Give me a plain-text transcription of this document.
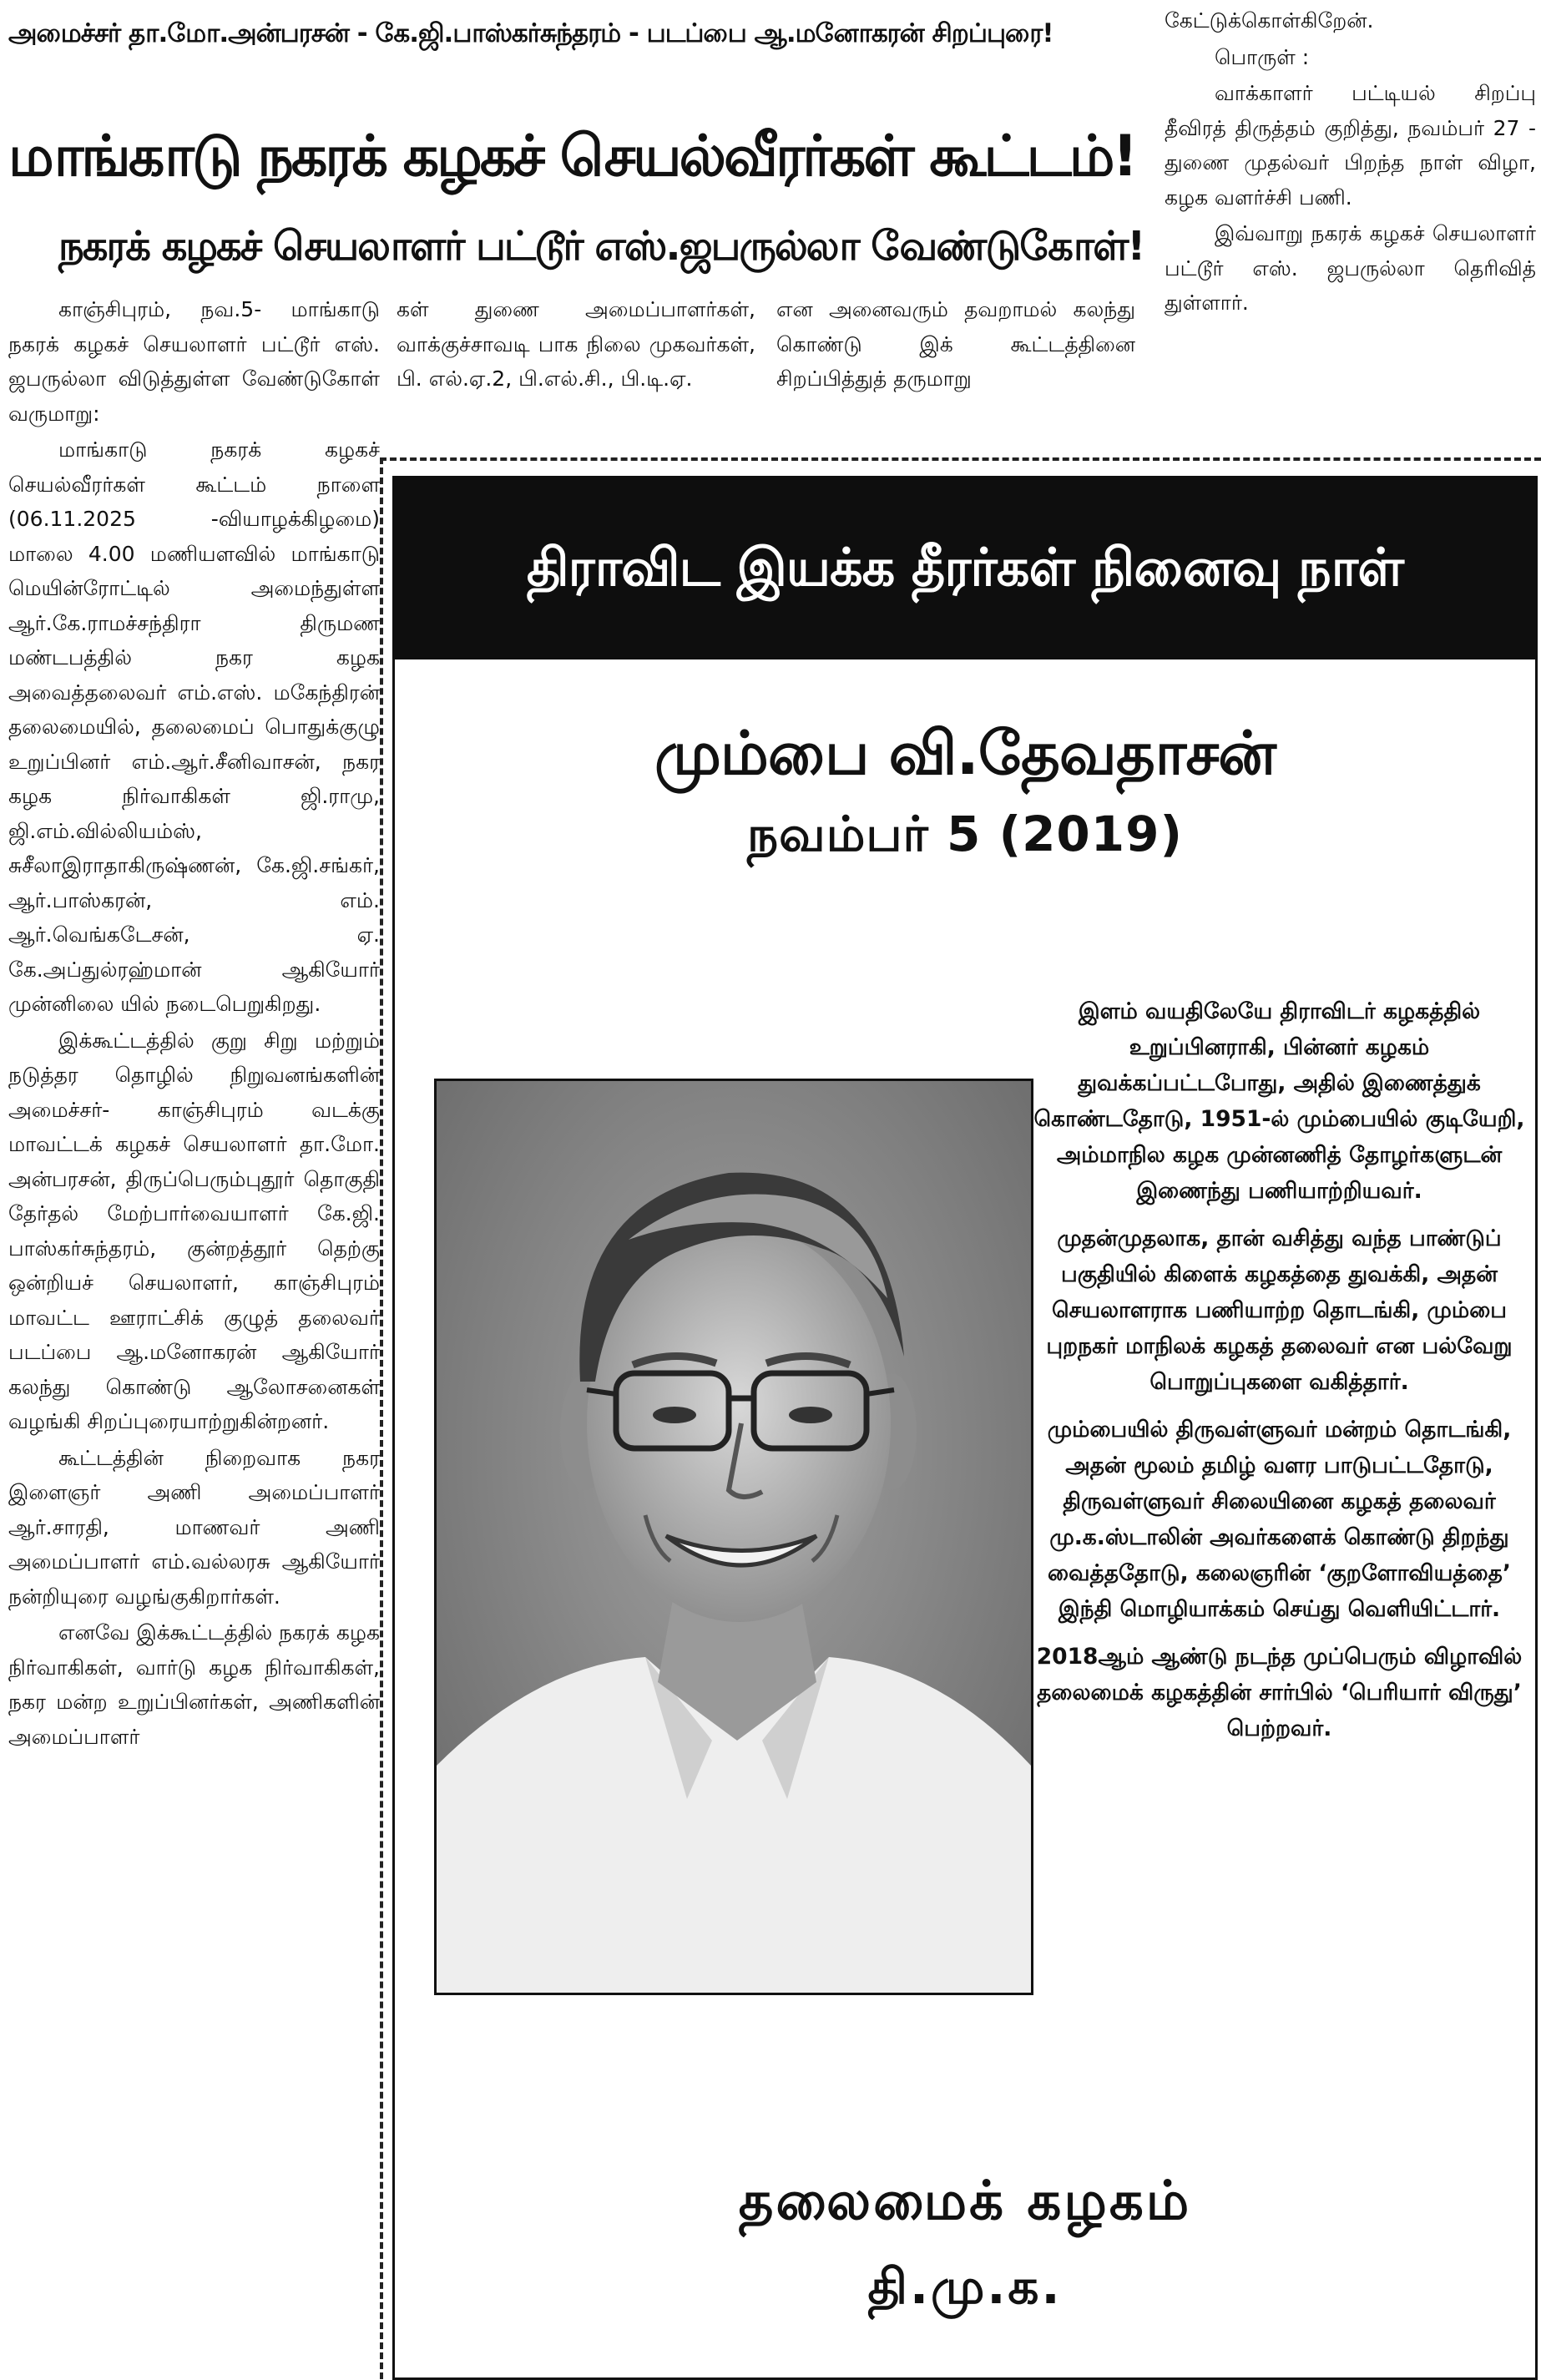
அமைச்சர் தா.மோ.அன்பரசன் - கே.ஜி.பாஸ்கர்சுந்தரம் - படப்பை ஆ.மனோகரன் சிறப்புரை!
மாங்காடு நகரக் கழகச் செயல்வீரர்கள் கூட்டம்!
நகரக் கழகச் செயலாளர் பட்டூர் எஸ்.ஜபருல்லா வேண்டுகோள்!

காஞ்சிபுரம், நவ.5- மாங்காடு நகரக் கழகச் செயலாளர் பட்டூர் எஸ். ஜபருல்லா விடுத்துள்ள வேண்டுகோள் வருமாறு:

மாங்காடு நகரக் கழகச் செயல்வீரர்கள் கூட்டம் நாளை (06.11.2025 -வியாழக்கிழமை) மாலை 4.00 மணியளவில் மாங்காடு மெயின்ரோட்டில் அமைந்துள்ள ஆர்.கே.ராமச்சந்திரா திருமண மண்டபத்தில் நகர கழக அவைத்தலைவர் எம்.எஸ். மகேந்திரன் தலைமையில், தலைமைப் பொதுக்குழு உறுப்பினர் எம்.ஆர்.சீனிவாசன், நகர கழக நிர்வாகிகள் ஜி.ராமு, ஜி.எம்.வில்லியம்ஸ், சுசீலாஇராதாகிருஷ்ணன், கே.ஜி.சங்கர், ஆர்.பாஸ்கரன், எம். ஆர்.வெங்கடேசன், ஏ. கே.அப்துல்ரஹ்மான் ஆகியோர் முன்னிலை யில் நடைபெறுகிறது.

இக்கூட்டத்தில் குறு சிறு மற்றும் நடுத்தர தொழில் நிறுவனங்களின் அமைச்சர்- காஞ்சிபுரம் வடக்கு மாவட்டக் கழகச் செயலாளர் தா.மோ. அன்பரசன், திருப்பெரும்புதூர் தொகுதி தேர்தல் மேற்பார்வையாளர் கே.ஜி. பாஸ்கர்சுந்தரம், குன்றத்தூர் தெற்கு ஒன்றியச் செயலாளர், காஞ்சிபுரம் மாவட்ட ஊராட்சிக் குழுத் தலைவர் படப்பை ஆ.மனோகரன் ஆகியோர் கலந்து கொண்டு ஆலோசனைகள் வழங்கி சிறப்புரையாற்றுகின்றனர்.

கூட்டத்தின் நிறைவாக நகர இளைஞர் அணி அமைப்பாளர் ஆர்.சாரதி, மாணவர் அணி அமைப்பாளர் எம்.வல்லரசு ஆகியோர் நன்றியுரை வழங்குகிறார்கள்.

எனவே இக்கூட்டத்தில் நகரக் கழக நிர்வாகிகள், வார்டு கழக நிர்வாகிகள், நகர மன்ற உறுப்பினர்கள், அணிகளின் அமைப்பாளர்

கள் துணை அமைப்பாளர்கள், வாக்குச்சாவடி பாக நிலை முகவர்கள், பி. எல்.ஏ.2, பி.எல்.சி., பி.டி.ஏ.

என அனைவரும் தவறாமல் கலந்து கொண்டு இக் கூட்டத்தினை சிறப்பித்துத் தருமாறு

கேட்டுக்கொள்கிறேன்.

பொருள் :

வாக்காளர் பட்டியல் சிறப்பு தீவிரத் திருத்தம் குறித்து, நவம்பர் 27 - துணை முதல்வர் பிறந்த நாள் விழா, கழக வளர்ச்சி பணி.

இவ்வாறு நகரக் கழகச் செயலாளர் பட்டூர் எஸ். ஜபருல்லா தெரிவித் துள்ளார்.

திராவிட இயக்க தீரர்கள் நினைவு நாள்
மும்பை வி.தேவதாசன்
நவம்பர் 5 (2019)

இளம் வயதிலேயே திராவிடர் கழகத்தில் உறுப்பினராகி, பின்னர் கழகம் துவக்கப்பட்டபோது, அதில் இணைத்துக் கொண்டதோடு, 1951-ல் மும்பையில் குடியேறி, அம்மாநில கழக முன்னணித் தோழர்களுடன் இணைந்து பணியாற்றியவர்.

முதன்முதலாக, தான் வசித்து வந்த பாண்டுப் பகுதியில் கிளைக் கழகத்தை துவக்கி, அதன் செயலாளராக பணியாற்ற தொடங்கி, மும்பை புறநகர் மாநிலக் கழகத் தலைவர் என பல்வேறு பொறுப்புகளை வகித்தார்.

மும்பையில் திருவள்ளுவர் மன்றம் தொடங்கி, அதன் மூலம் தமிழ் வளர பாடுபட்டதோடு, திருவள்ளுவர் சிலையினை கழகத் தலைவர் மு.க.ஸ்டாலின் அவர்களைக் கொண்டு திறந்து வைத்ததோடு, கலைஞரின் ‘குறளோவியத்தை’ இந்தி மொழியாக்கம் செய்து வெளியிட்டார்.

2018ஆம் ஆண்டு நடந்த முப்பெரும் விழாவில் தலைமைக் கழகத்தின் சார்பில் ‘பெரியார் விருது’ பெற்றவர்.

தலைமைக் கழகம்
தி.மு.க.
